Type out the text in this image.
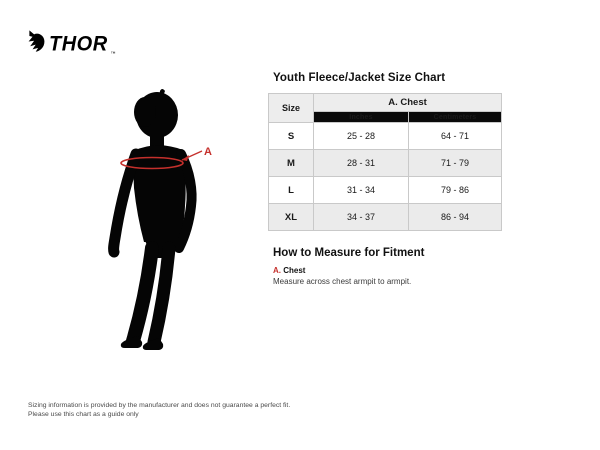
THOR ™
A
Youth Fleece/Jacket Size Chart
Size	A. Chest	
	Inches	Centimeters
S	25 - 28	64 - 71
M	28 - 31	71 - 79
L	31 - 34	79 - 86
XL	34 - 37	86 - 94
How to Measure for Fitment
A. Chest
Measure across chest armpit to armpit.
Sizing information is provided by the manufacturer and does not guarantee a perfect fit.
Please use this chart as a guide only
